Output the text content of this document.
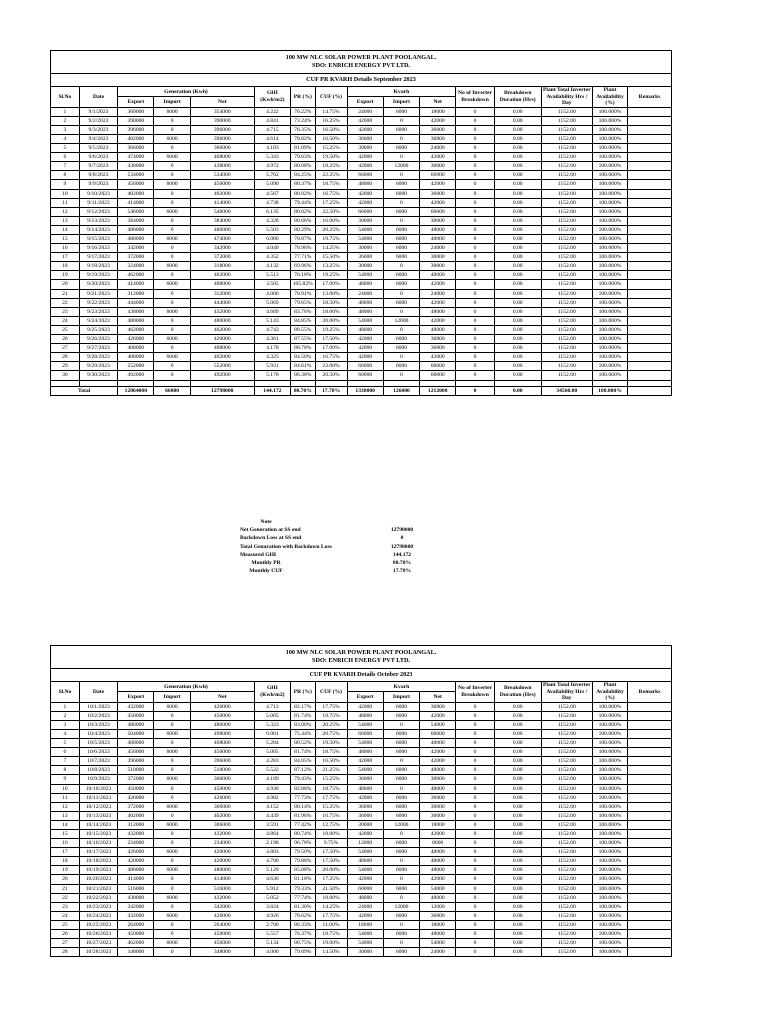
100 MW NLC SOLAR POWER PLANT POOLANGAL.
SDO: ENRICH ENERGY PVT LTD.															

CUF PR KVARH Details September 2023															
Sl.No	Date	Generation (Kwh)			GHI (Kwh/m2)	PR (%)	CUF (%)	Kvarh			No of Inverter Breakdown	Breakdown Duration (Hrs)	Plant Total Inverter Availability Hrs / Day	Plant Availability (%)	Remarks
		Export	Import	Net				Export	Import	Net					
1	9/1/2023	360000	6000	354000	4.222	76.22%	14.75%	24000	6000	18000	0	0.00	1152.00	100.000%	
2	9/2/2023	390000	0	390000	4.841	73.24%	16.25%	42000	0	42000	0	0.00	1152.00	100.000%	
3	9/3/2023	396000	0	396000	4.715	76.35%	16.50%	42000	6000	36000	0	0.00	1152.00	100.000%	
4	9/4/2023	402000	6000	396000	4.614	78.02%	16.50%	36000	0	36000	0	0.00	1152.00	100.000%	
5	9/5/2023	366000	0	366000	4.103	81.09%	15.25%	30000	6000	24000	0	0.00	1152.00	100.000%	
6	9/6/2023	474000	6000	468000	5.343	79.63%	19.50%	42000	0	42000	0	0.00	1152.00	100.000%	
7	9/7/2023	438000	0	438000	4.972	80.08%	18.25%	42000	12000	30000	0	0.00	1152.00	100.000%	
8	9/8/2023	534000	0	534000	5.762	84.25%	22.25%	66000	0	66000	0	0.00	1152.00	100.000%	
9	9/9/2023	456000	6000	450000	5.090	80.37%	18.75%	48000	6000	42000	0	0.00	1152.00	100.000%	
10	9/10/2023	402000	0	402000	4.567	80.02%	16.75%	42000	6000	36000	0	0.00	1152.00	100.000%	
11	9/11/2023	414000	0	414000	4.738	79.44%	17.25%	42000	0	42000	0	0.00	1152.00	100.000%	
12	9/12/2023	546000	6000	540000	6.135	80.02%	22.50%	66000	6000	60000	0	0.00	1152.00	100.000%	
13	9/13/2023	384000	0	384000	4.328	80.66%	16.00%	30000	0	30000	0	0.00	1152.00	100.000%	
14	9/14/2023	486000	0	486000	5.503	80.29%	20.25%	54000	6000	48000	0	0.00	1152.00	100.000%	
15	9/15/2023	480000	6000	474000	6.080	70.87%	19.75%	54000	6000	48000	0	0.00	1152.00	100.000%	
16	9/16/2023	342000	0	342000	4.040	76.96%	14.25%	30000	6000	24000	0	0.00	1152.00	100.000%	
17	9/17/2023	372000	0	372000	4.352	77.71%	15.50%	36000	6000	30000	0	0.00	1152.00	100.000%	
18	9/18/2023	324000	6000	318000	4.132	69.96%	13.25%	30000	0	30000	0	0.00	1152.00	100.000%	
19	9/19/2023	462000	0	462000	5.513	76.18%	19.25%	54000	6000	48000	0	0.00	1152.00	100.000%	
20	9/20/2023	414000	6000	408000	3.505	105.82%	17.00%	48000	6000	42000	0	0.00	1152.00	100.000%	
21	9/21/2023	312000	0	312000	4.000	70.91%	13.00%	24000	0	24000	0	0.00	1152.00	100.000%	
22	9/22/2023	444000	0	444000	5.069	79.65%	18.50%	48000	6000	42000	0	0.00	1152.00	100.000%	
23	9/23/2023	438000	6000	432000	4.689	83.76%	18.00%	48000	0	48000	0	0.00	1152.00	100.000%	
24	9/24/2023	480000	0	480000	5.143	84.85%	20.00%	54000	12000	42000	0	0.00	1152.00	100.000%	
25	9/25/2023	462000	0	462000	4.743	88.55%	19.25%	48000	0	48000	0	0.00	1152.00	100.000%	
26	9/26/2023	426000	6000	420000	4.361	87.55%	17.50%	42000	6000	36000	0	0.00	1152.00	100.000%	
27	9/27/2023	408000	0	408000	4.178	88.78%	17.00%	42000	6000	36000	0	0.00	1152.00	100.000%	
28	9/28/2023	408000	6000	402000	4.325	84.50%	16.75%	42000	0	42000	0	0.00	1152.00	100.000%	
29	9/29/2023	552000	0	552000	5.931	84.61%	23.00%	66000	6000	60000	0	0.00	1152.00	100.000%	
30	9/30/2023	492000	0	492000	5.178	86.38%	20.50%	60000	0	60000	0	0.00	1152.00	100.000%	

Total		12864000	66000	12798000	144.172	80.70%	17.78%	1338000	126000	1212000	0	0.00	34560.00	100.000%	
Note
Net Generation at SS end	12798000
Backdown Loss at SS end	0
Total Genaration with Backdown Loss	12798000
Measured GHI	144.172
Monthly PR	80.70%
Monthly CUF	17.78%
100 MW NLC SOLAR POWER PLANT POOLANGAL.
SDO: ENRICH ENERGY PVT LTD.															

CUF PR KVARH Details October 2023															
Sl.No	Date	Generation (Kwh)			GHI (Kwh/m2)	PR (%)	CUF (%)	Kvarh			No of Inverter Breakdown	Breakdown Duration (Hrs)	Plant Total Inverter Availability Hrs / Day	Plant Availability (%)	Remarks
		Export	Import	Net				Export	Import	Net					
1	10/1/2023	432000	6000	426000	4.713	82.17%	17.75%	42000	6000	36000	0	0.00	1152.00	100.000%	
2	10/2/2023	450000	0	450000	5.005	81.74%	18.75%	48000	6000	42000	0	0.00	1152.00	100.000%	
3	10/3/2023	486000	0	486000	5.323	83.00%	20.25%	54000	0	54000	0	0.00	1152.00	100.000%	
4	10/4/2023	504000	6000	498000	6.001	75.44%	20.75%	66000	6000	60000	0	0.00	1152.00	100.000%	
5	10/5/2023	468000	0	468000	5.284	80.52%	19.50%	54000	6000	48000	0	0.00	1152.00	100.000%	
6	10/6/2023	456000	6000	450000	5.005	81.74%	18.75%	48000	6000	42000	0	0.00	1152.00	100.000%	
7	10/7/2023	396000	0	396000	4.283	84.05%	16.50%	42000	0	42000	0	0.00	1152.00	100.000%	
8	10/8/2023	510000	0	510000	5.522	87.12%	21.25%	54000	6000	48000	0	0.00	1152.00	100.000%	
9	10/9/2023	372000	6000	366000	4.189	79.43%	15.25%	36000	6000	30000	0	0.00	1152.00	100.000%	
10	10/10/2023	450000	0	450000	4.936	82.88%	18.75%	48000	0	48000	0	0.00	1152.00	100.000%	
11	10/11/2023	426000	0	426000	4.982	77.73%	17.75%	42000	6000	36000	0	0.00	1152.00	100.000%	
12	10/12/2023	372000	6000	366000	4.152	80.14%	15.25%	36000	6000	30000	0	0.00	1152.00	100.000%	
13	10/13/2023	402000	0	402000	4.439	81.96%	16.75%	36000	6000	30000	0	0.00	1152.00	100.000%	
14	10/14/2023	312000	6000	306000	3.591	77.42%	12.75%	30000	12000	18000	0	0.00	1152.00	100.000%	
15	10/15/2023	432000	0	432000	4.864	80.74%	18.00%	42000	0	42000	0	0.00	1152.00	100.000%	
16	10/16/2023	234000	0	234000	2.198	96.78%	9.75%	12000	6000	6000	0	0.00	1152.00	100.000%	
17	10/17/2023	426000	6000	420000	4.803	79.50%	17.50%	54000	6000	48000	0	0.00	1152.00	100.000%	
18	10/18/2023	420000	0	420000	4.780	79.88%	17.50%	48000	0	48000	0	0.00	1152.00	100.000%	
19	10/19/2023	486000	6000	480000	5.129	85.08%	20.00%	54000	6000	48000	0	0.00	1152.00	100.000%	
20	10/20/2023	414000	0	414000	4.636	81.18%	17.25%	42000	0	42000	0	0.00	1152.00	100.000%	
21	10/21/2023	516000	0	516000	5.912	79.33%	21.50%	60000	6000	54000	0	0.00	1152.00	100.000%	
22	10/22/2023	438000	6000	432000	5.052	77.74%	18.00%	48000	0	48000	0	0.00	1152.00	100.000%	
23	10/23/2023	342000	0	342000	3.824	81.30%	14.25%	24000	12000	12000	0	0.00	1152.00	100.000%	
24	10/24/2023	432000	6000	426000	4.926	78.62%	17.75%	42000	6000	36000	0	0.00	1152.00	100.000%	
25	10/25/2023	264000	0	264000	2.780	86.33%	11.00%	18000	0	18000	0	0.00	1152.00	100.000%	
26	10/26/2023	450000	0	450000	5.557	76.37%	18.75%	54000	6000	48000	0	0.00	1152.00	100.000%	
27	10/27/2023	462000	6000	456000	5.134	80.75%	19.00%	54000	0	54000	0	0.00	1152.00	100.000%	
28	10/28/2023	348000	0	348000	4.000	79.09%	14.50%	30000	6000	24000	0	0.00	1152.00	100.000%	
